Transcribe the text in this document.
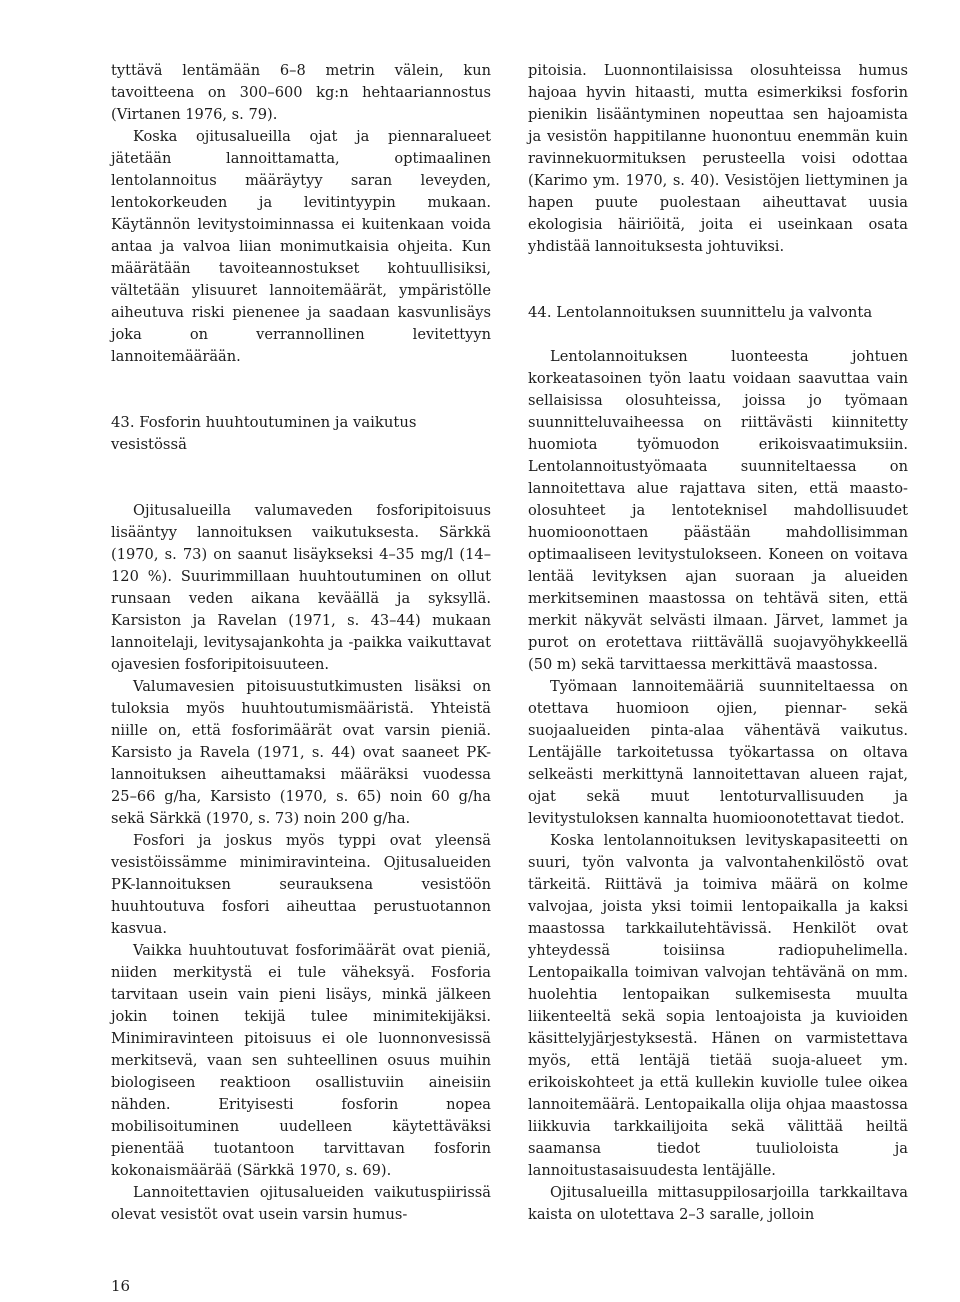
tyttävä lentämään 6–8 metrin välein, kun tavoitteena on 300–600 kg:n hehtaariannostus (Virtanen 1976, s. 79).

Koska ojitusalueilla ojat ja piennaralueet jätetään lannoittamatta, optimaalinen lentolannoitus määräytyy saran leveyden, lentokorkeuden ja levitintyypin mukaan. Käytännön levitystoiminnassa ei kuitenkaan voida antaa ja valvoa liian monimutkaisia ohjeita. Kun määrätään tavoiteannostukset kohtuullisiksi, vältetään ylisuuret lannoitemäärät, ympäristölle aiheutuva riski pienenee ja saadaan kasvunlisäys joka on verrannollinen levitettyyn lannoitemäärään.

43. Fosforin huuhtoutuminen ja vaikutus vesistössä

Ojitusalueilla valumaveden fosforipitoisuus lisääntyy lannoituksen vaikutuksesta. Särkkä (1970, s. 73) on saanut lisäykseksi 4–35 mg/l (14–120 %). Suurimmillaan huuhtoutuminen on ollut runsaan veden aikana keväällä ja syksyllä. Karsiston ja Ravelan (1971, s. 43–44) mukaan lannoitelaji, levitysajankohta ja -paikka vaikuttavat ojavesien fosforipitoisuuteen.

Valumavesien pitoisuustutkimusten lisäksi on tuloksia myös huuhtoutumismääristä. Yhteistä niille on, että fosforimäärät ovat varsin pieniä. Karsisto ja Ravela (1971, s. 44) ovat saaneet PK-lannoituksen aiheuttamaksi määräksi vuodessa 25–66 g/ha, Karsisto (1970, s. 65) noin 60 g/ha sekä Särkkä (1970, s. 73) noin 200 g/ha.

Fosfori ja joskus myös typpi ovat yleensä vesistöissämme minimiravinteina. Ojitusalueiden PK-lannoituksen seurauksena vesistöön huuhtoutuva fosfori aiheuttaa perustuotannon kasvua.

Vaikka huuhtoutuvat fosforimäärät ovat pieniä, niiden merkitystä ei tule väheksyä. Fosforia tarvitaan usein vain pieni lisäys, minkä jälkeen jokin toinen tekijä tulee minimitekijäksi. Minimiravinteen pitoisuus ei ole luonnonvesissä merkitsevä, vaan sen suhteellinen osuus muihin biologiseen reaktioon osallistuviin aineisiin nähden. Erityisesti fosforin nopea mobilisoituminen uudelleen käytettäväksi pienentää tuotantoon tarvittavan fosforin kokonaismäärää (Särkkä 1970, s. 69).

Lannoitettavien ojitusalueiden vaikutuspiirissä olevat vesistöt ovat usein varsin humus-

pitoisia. Luonnontilaisissa olosuhteissa humus hajoaa hyvin hitaasti, mutta esimerkiksi fosforin pienikin lisääntyminen nopeuttaa sen hajoamista ja vesistön happitilanne huonontuu enemmän kuin ravinnekuormituksen perusteella voisi odottaa (Karimo ym. 1970, s. 40). Vesistöjen liettyminen ja hapen puute puolestaan aiheuttavat uusia ekologisia häiriöitä, joita ei useinkaan osata yhdistää lannoituksesta johtuviksi.

44. Lentolannoituksen suunnittelu ja valvonta

Lentolannoituksen luonteesta johtuen korkeatasoinen työn laatu voidaan saavuttaa vain sellaisissa olosuhteissa, joissa jo työmaan suunnitteluvaiheessa on riittävästi kiinnitetty huomiota työmuodon erikoisvaatimuksiin. Lentolannoitustyömaata suunniteltaessa on lannoitettava alue rajattava siten, että maasto-olosuhteet ja lentoteknisel mahdollisuudet huomioonottaen päästään mahdollisimman optimaaliseen levitystulokseen. Koneen on voitava lentää levityksen ajan suoraan ja alueiden merkitseminen maastossa on tehtävä siten, että merkit näkyvät selvästi ilmaan. Järvet, lammet ja purot on erotettava riittävällä suojavyöhykkeellä (50 m) sekä tarvittaessa merkittävä maastossa.

Työmaan lannoitemääriä suunniteltaessa on otettava huomioon ojien, piennar- sekä suojaalueiden pinta-alaa vähentävä vaikutus. Lentäjälle tarkoitetussa työkartassa on oltava selkeästi merkittynä lannoitettavan alueen rajat, ojat sekä muut lentoturvallisuuden ja levitystuloksen kannalta huomioonotettavat tiedot.

Koska lentolannoituksen levityskapasiteetti on suuri, työn valvonta ja valvontahenkilöstö ovat tärkeitä. Riittävä ja toimiva määrä on kolme valvojaa, joista yksi toimii lentopaikalla ja kaksi maastossa tarkkailutehtävissä. Henkilöt ovat yhteydessä toisiinsa radiopuhelimella. Lentopaikalla toimivan valvojan tehtävänä on mm. huolehtia lentopaikan sulkemisesta muulta liikenteeltä sekä sopia lentoajoista ja kuvioiden käsittelyjärjestyksestä. Hänen on varmistettava myös, että lentäjä tietää suoja-alueet ym. erikoiskohteet ja että kullekin kuviolle tulee oikea lannoitemäärä. Lentopaikalla olija ohjaa maastossa liikkuvia tarkkailijoita sekä välittää heiltä saamansa tiedot tuulioloista ja lannoitustasaisuudesta lentäjälle.

Ojitusalueilla mittasuppilosarjoilla tarkkailtava kaista on ulotettava 2–3 saralle, jolloin

16
